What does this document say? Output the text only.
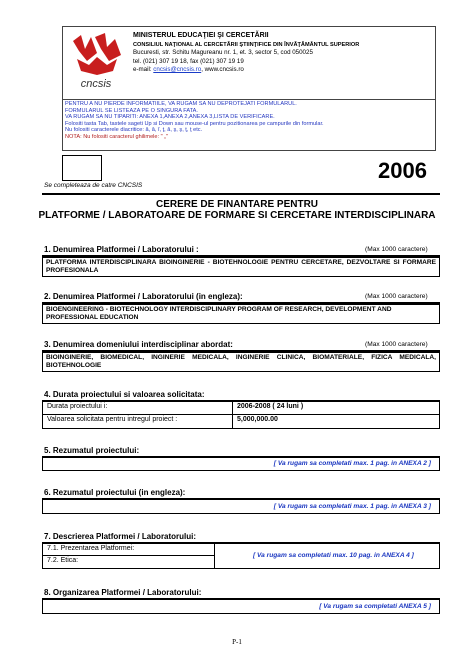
cncsis
MINISTERUL EDUCAŢIEI ŞI CERCETĂRII
CONSILIUL NAŢIONAL AL CERCETĂRII ŞTIINŢIFICE DIN ÎNVĂŢĂMÂNTUL SUPERIOR
Bucuresti, str. Schitu Magureanu nr. 1, et. 3, sector 5, cod 050025
tel. (021) 307 19 18, fax (021) 307 19 19
e-mail: cncsis@cncsis.ro, www.cncsis.ro
PENTRU A NU PIERDE INFORMATIILE, VA RUGAM SA NU DEPROTEJATI FORMULARUL.
FORMULARUL SE LISTEAZA PE O SINGURA FATA.
VA RUGAM SA NU TIPARITI: ANEXA 1,ANEXA 2,ANEXA 3,LISTA DE VERIFICARE.
Folositi tasta Tab, tastele sageti Up si Down sau mouse-ul pentru pozitionarea pe campurile din formular.
Nu folositi caracterele diacritice: ă, â, î, ţ, ă, ş, ş, ţ, ţ etc.
NOTA: Nu folositi caracterul ghilimele: " „"
2006
Se completeaza de catre CNCSIS
CERERE DE FINANTARE PENTRU
PLATFORME / LABORATOARE DE FORMARE SI CERCETARE INTERDISCIPLINARA
1. Denumirea Platformei / Laboratorului :	(Max 1000 caractere)
PLATFORMA INTERDISCIPLINARA BIOINGINERIE - BIOTEHNOLOGIE PENTRU CERCETARE, DEZVOLTARE SI FORMARE PROFESIONALA
2. Denumirea Platformei / Laboratorului (in engleza):	(Max 1000 caractere)
BIOENGINEERING - BIOTECHNOLOGY INTERDISCIPLINARY PROGRAM OF RESEARCH, DEVELOPMENT AND PROFESSIONAL EDUCATION
3. Denumirea domeniului interdisciplinar abordat:	(Max 1000 caractere)
BIOINGINERIE, BIOMEDICAL, INGINERIE MEDICALA, INGINERIE CLINICA, BIOMATERIALE, FIZICA MEDICALA, BIOTEHNOLOGIE
4. Durata proiectului si valoarea solicitata:
Durata proiectului i:	2006-2008 ( 24 luni )
Valoarea solicitata pentru intregul proiect :	5,000,000.00
5. Rezumatul proiectului:
[ Va rugam sa completati max. 1 pag. in ANEXA 2 ]
6. Rezumatul proiectului (in engleza):
[ Va rugam sa completati max. 1 pag. in ANEXA 3 ]
7. Descrierea Platformei / Laboratorului:
7.1. Prezentarea Platformei:
7.2. Etica:
[ Va rugam sa completati max. 10 pag. in ANEXA 4 ]
8. Organizarea Platformei / Laboratorului:
[ Va rugam sa completati ANEXA 5 ]
P-1
